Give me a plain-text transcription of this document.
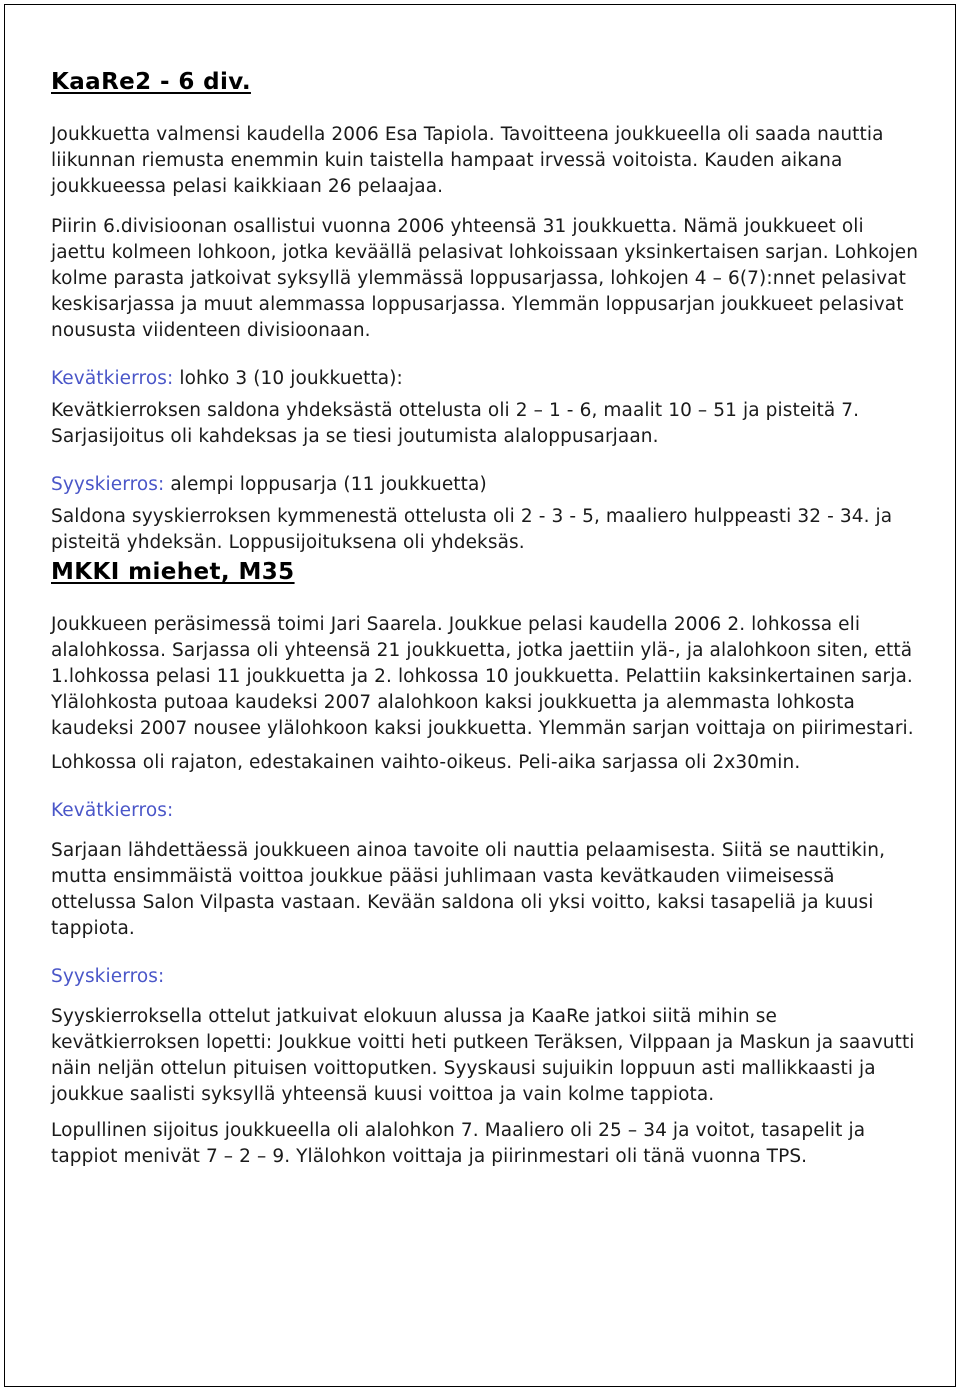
KaaRe2 - 6 div.

Joukkuetta valmensi kaudella 2006 Esa Tapiola. Tavoitteena joukkueella oli saada nauttia liikunnan riemusta enemmin kuin taistella hampaat irvessä voitoista. Kauden aikana joukkueessa pelasi kaikkiaan 26 pelaajaa.

Piirin 6.divisioonan osallistui vuonna 2006 yhteensä 31 joukkuetta. Nämä joukkueet oli jaettu kolmeen lohkoon, jotka keväällä pelasivat lohkoissaan yksinkertaisen sarjan. Lohkojen kolme parasta jatkoivat syksyllä ylemmässä loppusarjassa, lohkojen 4 – 6(7):nnet pelasivat keskisarjassa ja muut alemmassa loppusarjassa. Ylemmän loppusarjan joukkueet pelasivat noususta viidenteen divisioonaan.

Kevätkierros: lohko 3 (10 joukkuetta):

Kevätkierroksen saldona yhdeksästä ottelusta oli 2 – 1 - 6, maalit 10 – 51 ja pisteitä 7. Sarjasijoitus oli kahdeksas ja se tiesi joutumista alaloppusarjaan.

Syyskierros: alempi loppusarja (11 joukkuetta)

Saldona syyskierroksen kymmenestä ottelusta oli 2 - 3 - 5, maaliero hulppeasti 32 - 34. ja pisteitä yhdeksän. Loppusijoituksena oli yhdeksäs.

MKKI miehet, M35

Joukkueen peräsimessä toimi Jari Saarela. Joukkue pelasi kaudella 2006 2. lohkossa eli alalohkossa. Sarjassa oli yhteensä 21 joukkuetta, jotka jaettiin ylä-, ja alalohkoon siten, että 1.lohkossa pelasi 11 joukkuetta ja 2. lohkossa 10 joukkuetta. Pelattiin kaksinkertainen sarja. Ylälohkosta putoaa kaudeksi 2007 alalohkoon kaksi joukkuetta ja alemmasta lohkosta kaudeksi 2007 nousee ylälohkoon kaksi joukkuetta. Ylemmän sarjan voittaja on piirimestari.

Lohkossa oli rajaton, edestakainen vaihto-oikeus. Peli-aika sarjassa oli 2x30min.

Kevätkierros:

Sarjaan lähdettäessä joukkueen ainoa tavoite oli nauttia pelaamisesta. Siitä se nauttikin, mutta ensimmäistä voittoa joukkue pääsi juhlimaan vasta kevätkauden viimeisessä ottelussa Salon Vilpasta vastaan. Kevään saldona oli yksi voitto, kaksi tasapeliä ja kuusi tappiota.

Syyskierros:

Syyskierroksella ottelut jatkuivat elokuun alussa ja KaaRe jatkoi siitä mihin se kevätkierroksen lopetti: Joukkue voitti heti putkeen Teräksen, Vilppaan ja Maskun ja saavutti näin neljän ottelun pituisen voittoputken. Syyskausi sujuikin loppuun asti mallikkaasti ja joukkue saalisti syksyllä yhteensä kuusi voittoa ja vain kolme tappiota.

Lopullinen sijoitus joukkueella oli alalohkon 7. Maaliero oli 25 – 34 ja voitot, tasapelit ja tappiot menivät 7 – 2 – 9. Ylälohkon voittaja ja piirinmestari oli tänä vuonna TPS.
